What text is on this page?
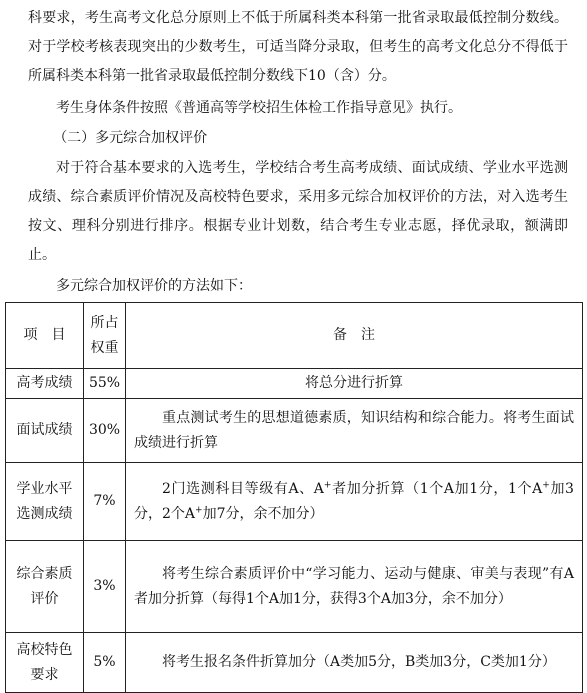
科要求，考生高考文化总分原则上不低于所属科类本科第一批省录取最低控制分数线。对于学校考核表现突出的少数考生，可适当降分录取，但考生的高考文化总分不得低于所属科类本科第一批省录取最低控制分数线下10（含）分。

考生身体条件按照《普通高等学校招生体检工作指导意见》执行。

（二）多元综合加权评价

对于符合基本要求的入选考生，学校结合考生高考成绩、面试成绩、学业水平选测成绩、综合素质评价情况及高校特色要求，采用多元综合加权评价的方法，对入选考生按文、理科分别进行排序。根据专业计划数，结合考生专业志愿，择优录取，额满即止。

多元综合加权评价的方法如下：

项　目	所占权重	备　注
高考成绩	55%	将总分进行折算
面试成绩	30%	重点测试考生的思想道德素质，知识结构和综合能力。将考生面试成绩进行折算

学业水平选测成绩	7%	2门选测科目等级有A、A+者加分折算（1个A加1分，1个A+加3分，2个A+加7分，余不加分）

综合素质评价	3%	将考生综合素质评价中“学习能力、运动与健康、审美与表现”有A者加分折算（每得1个A加1分，获得3个A加3分，余不加分）

高校特色要求	5%	将考生报名条件折算加分（A类加5分，B类加3分，C类加1分）
